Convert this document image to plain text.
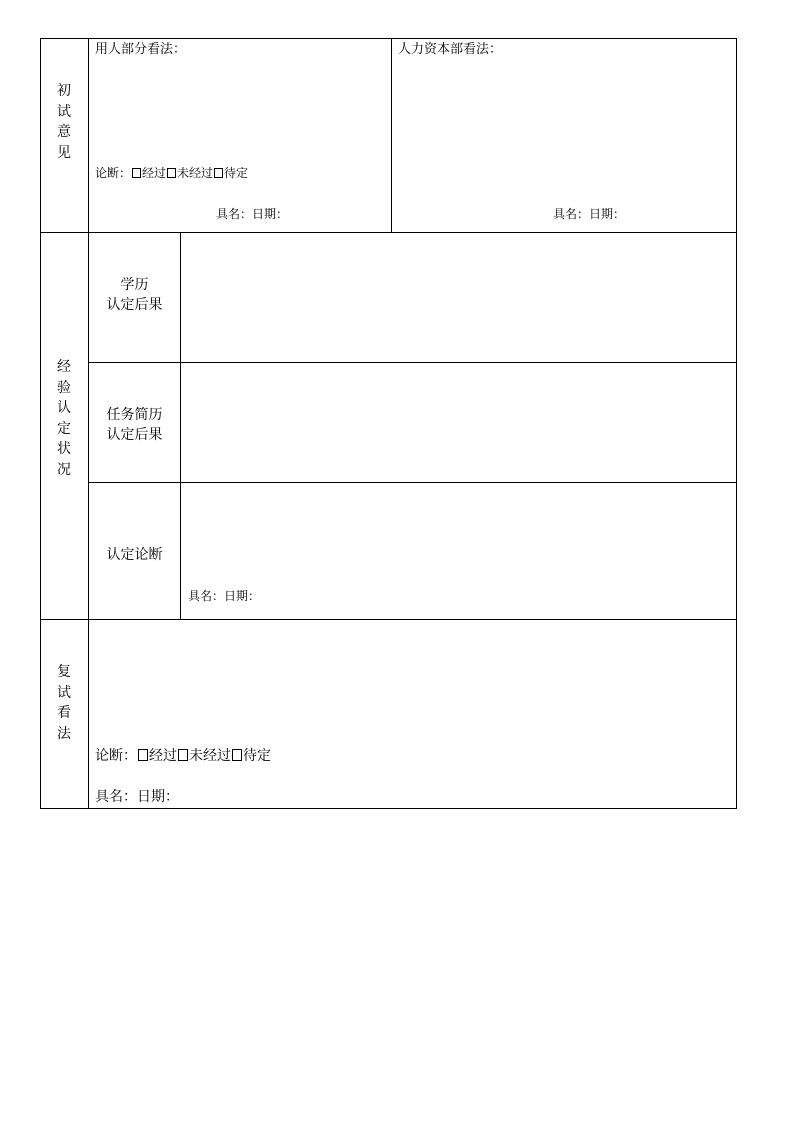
初试意见
用人部分看法：
论断： 经过 未经过 待定
具名：日期：
人力资本部看法：
具名：日期：
经验认定状况
学历
认定后果
任务简历
认定后果
认定论断
具名：日期：
复试看法
论断： 经过 未经过 待定
具名：日期：
